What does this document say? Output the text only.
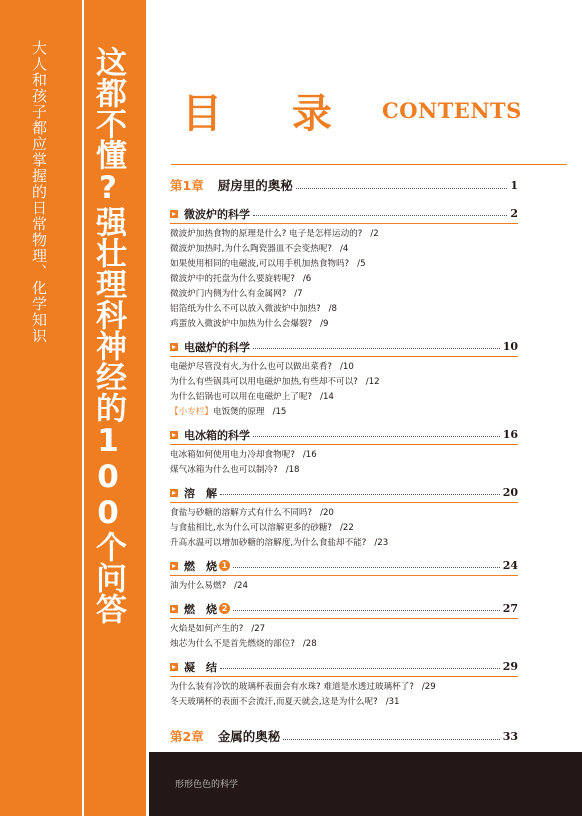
大人和孩子都应掌握的日常物理、化学知识 这都不懂?强壮理科神经的100个问答 目 录 CONTENTS
第1章 厨房里的奥秘	1
微波炉的科学	2
微波炉加热食物的原理是什么? 电子是怎样运动的? /2
微波炉加热时,为什么陶瓷器皿不会变热呢? /4
如果使用相同的电磁波,可以用手机加热食物吗? /5
微波炉中的托盘为什么要旋转呢? /6
微波炉门内侧为什么有金属网? /7
铝箔纸为什么不可以放入微波炉中加热? /8
鸡蛋放入微波炉中加热为什么会爆裂? /9
电磁炉的科学	10
电磁炉尽管没有火,为什么也可以做出菜肴? /10
为什么有些锅具可以用电磁炉加热,有些却不可以? /12
为什么铝锅也可以用在电磁炉上了呢? /14
【小专栏】电饭煲的原理 /15
电冰箱的科学	16
电冰箱如何使用电力冷却食物呢? /16
煤气冰箱为什么也可以制冷? /18
溶　解	20
食盐与砂糖的溶解方式有什么不同吗? /20
与食盐相比,水为什么可以溶解更多的砂糖? /22
升高水温可以增加砂糖的溶解度,为什么食盐却不能? /23
燃　烧 1	24
油为什么易燃? /24
燃　烧 2	27
火焰是如何产生的? /27
烛芯为什么不是首先燃烧的部位? /28
凝　结	29
为什么装有冷饮的玻璃杯表面会有水珠? 难道是水透过玻璃杯了? /29
冬天玻璃杯的表面不会流汗,而夏天就会,这是为什么呢? /31
第2章 金属的奥秘	33
形形色色的科学
